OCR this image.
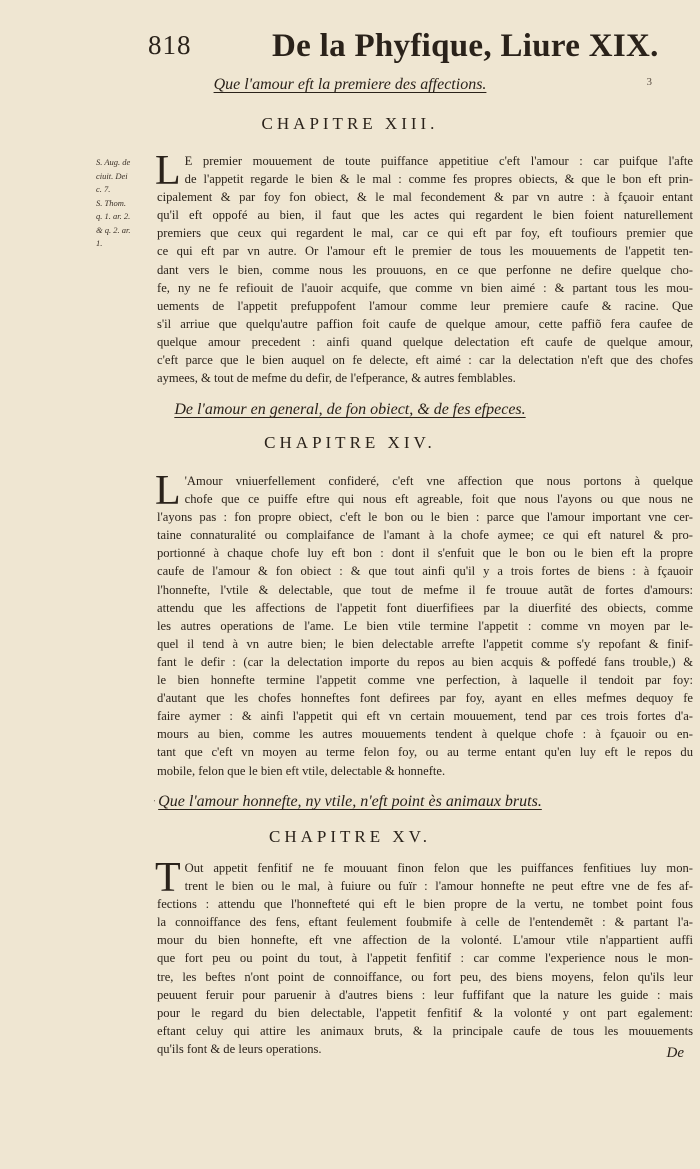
818 De la Phyfique, Liure XIX.
3
Que l'amour eft la premiere des affections.
CHAPITRE XIII.
S. Aug. de
ciuit. Dei
c. 7.
S. Thom.
q. 1. ar. 2.
& q. 2. ar.
1.
L E premier mouuement de toute puiffance appetitiue c'eft l'amour : car puifque l'afte
de l'appetit regarde le bien & le mal : comme fes propres obiects, & que le bon eft prin-
cipalement & par foy fon obiect, & le mal fecondement & par vn autre : à fçauoir entant
qu'il eft oppofé au bien, il faut que les actes qui regardent le bien foient naturellement
premiers que ceux qui regardent le mal, car ce qui eft par foy, eft toufiours premier que
ce qui eft par vn autre. Or l'amour eft le premier de tous les mouuements de l'appetit ten-
dant vers le bien, comme nous les prouuons, en ce que perfonne ne defire quelque cho-
fe, ny ne fe refiouit de l'auoir acquife, que comme vn bien aimé : & partant tous les mou-
uements de l'appetit prefuppofent l'amour comme leur premiere caufe & racine. Que
s'il arriue que quelqu'autre paffion foit caufe de quelque amour, cette paffiõ fera caufee de
quelque amour precedent : ainfi quand quelque delectation eft caufe de quelque amour,
c'eft parce que le bien auquel on fe delecte, eft aimé : car la delectation n'eft que des chofes
aymees, & tout de mefme du defir, de l'efperance, & autres femblables.
De l'amour en general, de fon obiect, & de fes efpeces.
CHAPITRE XIV.
L 'Amour vniuerfellement confideré, c'eft vne affection que nous portons à quelque
chofe que ce puiffe eftre qui nous eft agreable, foit que nous l'ayons ou que nous ne
l'ayons pas : fon propre obiect, c'eft le bon ou le bien : parce que l'amour important vne cer-
taine connaturalité ou complaifance de l'amant à la chofe aymee; ce qui eft naturel & pro-
portionné à chaque chofe luy eft bon : dont il s'enfuit que le bon ou le bien eft la propre
caufe de l'amour & fon obiect : & que tout ainfi qu'il y a trois fortes de biens : à fçauoir
l'honnefte, l'vtile & delectable, que tout de mefme il fe trouue autãt de fortes d'amours:
attendu que les affections de l'appetit font diuerfifiees par la diuerfité des obiects, comme
les autres operations de l'ame. Le bien vtile termine l'appetit : comme vn moyen par le-
quel il tend à vn autre bien; le bien delectable arrefte l'appetit comme s'y repofant & finif-
fant le defir : (car la delectation importe du repos au bien acquis & poffedé fans trouble,) &
le bien honnefte termine l'appetit comme vne perfection, à laquelle il tendoit par foy:
d'autant que les chofes honneftes font defirees par foy, ayant en elles mefmes dequoy fe
faire aymer : & ainfi l'appetit qui eft vn certain mouuement, tend par ces trois fortes d'a-
mours au bien, comme les autres mouuements tendent à quelque chofe : à fçauoir ou en-
tant que c'eft vn moyen au terme felon foy, ou au terme entant qu'en luy eft le repos du
mobile, felon que le bien eft vtile, delectable & honnefte.
‧ Que l'amour honnefte, ny vtile, n'eft point ès animaux bruts.
CHAPITRE XV.
T Out appetit fenfitif ne fe mouuant finon felon que les puiffances fenfitiues luy mon-
trent le bien ou le mal, à fuiure ou fuïr : l'amour honnefte ne peut eftre vne de fes af-
fections : attendu que l'honnefteté qui eft le bien propre de la vertu, ne tombet point fous
la connoiffance des fens, eftant feulement foubmife à celle de l'entendemẽt : & partant l'a-
mour du bien honnefte, eft vne affection de la volonté. L'amour vtile n'appartient auffi
que fort peu ou point du tout, à l'appetit fenfitif : car comme l'experience nous le mon-
tre, les beftes n'ont point de connoiffance, ou fort peu, des biens moyens, felon qu'ils leur
peuuent feruir pour paruenir à d'autres biens : leur fuffifant que la nature les guide : mais
pour le regard du bien delectable, l'appetit fenfitif & la volonté y ont part egalement:
eftant celuy qui attire les animaux bruts, & la principale caufe de tous les mouuements
qu'ils font & de leurs operations.	De
